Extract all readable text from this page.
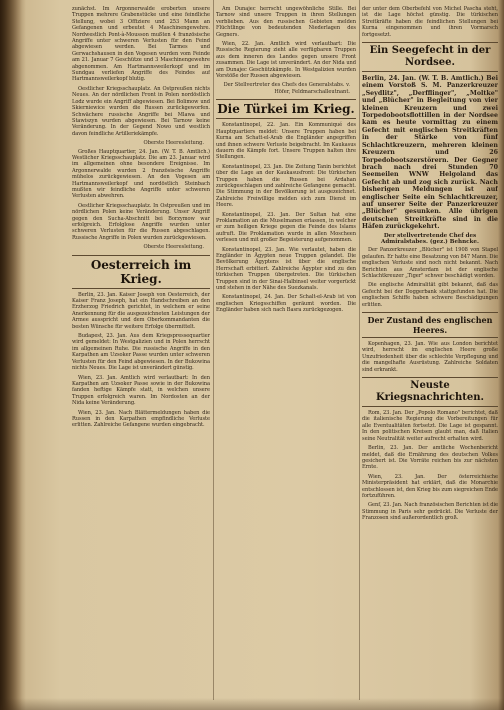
zunächst. Im Argonnerwalde eroberten unsere Truppen mehrere Grabenstücke und eine feindliche Stellung, wobei 3 Offiziere und 253 Mann an Gefangenen und erbeutet 4 Maschinengewehre. Nordwestlich Pont-à-Mousson mußten 4 französische Angriffe unter schweren Verlusten für den Feind abgewiesen werden. Bei Tarmes und Gerwachshausen in den Vogesen wurden vom Feinde am 21. Januar 7 Geschütze und 3 Maschinengewehre abgenommen. Am Hartmannsweilerkopf und im Sundgau verliefen Angriffe des Feindes auf Hartmannsweilerkopf blutig.

Oestlicher Kriegsschauplatz. An Ostpreußen nichts Neues. An der nördlichen Front in Polen nordöstlich Lodz wurde ein Angriff abgewiesen. Bei Bolimow und Skierniewice wurden die Russen zurückgeworfen. Schwächere russische Angriffe bei Mlawa und Stawiszyn wurden abgewiesen. Bei Tarnow keine Veränderung. In der Gegend Nowo und westlich davon feindliche Artilleriekämpfe.

Oberste Heeresleitung.

Großes Hauptquartier, 24. Jan. (W. T. B. Amtlich.) Westlicher Kriegsschauplatz. Die am 23. Januar wird im allgemeinen ohne besondere Ereignisse. Im Argonnerwalde wurden 2 französische Angriffe mühelos zurückgewiesen. An den Vogesen am Hartmannsweilerkopf und nordöstlich Steinbach mußten wir feindliche Angriffe unter schweren Verlusten abwehren.

Oestlicher Kriegsschauplatz. In Ostpreußen und im nördlichen Polen keine Veränderung. Unser Angriff gegen den Sucha-Abschnitt bei Borzymow war erfolgreich. Erfolglose Angriffe wurden unter schweren Verlusten für die Russen abgeschlagen. Russische Angriffe in Polen wurden zurückgewiesen.

Oberste Heeresleitung.

Oesterreich im Krieg.

Berlin, 23. Jan. Kaiser Joseph von Oesterreich, der Kaiser Franz Joseph, hat ein Handschreiben an den Erzherzog Friedrich gerichtet, in welchem er seine Anerkennung für die ausgezeichneten Leistungen der Armee ausspricht und dem Oberkommandanten die besten Wünsche für weitere Erfolge übermittelt.

Budapest, 23. Jan. Aus dem Kriegspressequartier wird gemeldet: In Westgalizien und in Polen herrscht im allgemeinen Ruhe. Die russische Angriffe in den Karpathen am Uzsoker Passe wurden unter schweren Verlusten für den Feind abgewiesen. In der Bukowina nichts Neues. Die Lage ist unverändert günstig.

Wien, 23. Jan. Amtlich wird verlautbart: In den Karpathen am Uzsoker Passe sowie in der Bukowina fanden heftige Kämpfe statt, in welchen unsere Truppen erfolgreich waren. Im Nordosten an der Nida keine Veränderung.

Wien, 23. Jan. Nach Blättermeldungen haben die Russen in den Karpathen empfindliche Verluste erlitten. Zahlreiche Gefangene wurden eingebracht.

Am Dunajec herrscht ungewöhnliche Stille. Bei Tarnow sind unsere Truppen in ihren Stellungen verblieben. Aus den russischen Gebieten melden Flüchtlinge von bedeutenden Niederlagen des Gegners.

Wien, 22. Jan. Amtlich wird verlautbart: Die Russische Regierung zieht alle verfügbaren Truppen aus dem inneren des Landes gegen unsere Front zusammen. Die Lage ist unverändert. An der Nida und am Dunajec Geschützkämpfe. In Westgalizien wurden Vorstöße der Russen abgewiesen.

Der Stellvertreter des Chefs des Generalstabs. v. Höfer, Feldmarschalleutnant.

Die Türkei im Krieg.

Konstantinopel, 22. Jan. Ein Kommuniqué des Hauptquartiers meldet: Unsere Truppen haben bei Kurna am Schatt-el-Arab die Engländer angegriffen und ihnen schwere Verluste beigebracht. Im Kaukasus dauern die Kämpfe fort. Unsere Truppen halten ihre Stellungen.

Konstantinopel, 23. Jan. Die Zeitung Tanin berichtet über die Lage an der Kaukasusfront: Die türkischen Truppen haben die Russen bei Ardahan zurückgeschlagen und zahlreiche Gefangene gemacht. Die Stimmung in der Bevölkerung ist ausgezeichnet. Zahlreiche Freiwillige melden sich zum Dienst im Heere.

Konstantinopel, 23. Jan. Der Sultan hat eine Proklamation an die Muselmanen erlassen, in welcher er zum heiligen Kriege gegen die Feinde des Islams aufruft. Die Proklamation wurde in allen Moscheen verlesen und mit großer Begeisterung aufgenommen.

Konstantinopel, 23. Jan. Wie verlautet, haben die Engländer in Ägypten neue Truppen gelandet. Die Bevölkerung Ägyptens ist über die englische Herrschaft erbittert. Zahlreiche Ägypter sind zu den türkischen Truppen übergetreten. Die türkischen Truppen sind in der Sinai-Halbinsel weiter vorgerückt und stehen in der Nähe des Suezkanals.

Konstantinopel, 24. Jan. Der Schalt-el-Arab ist von englischen Kriegsschiffen geräumt worden. Die Engländer haben sich nach Basra zurückgezogen.

der unter dem Oberbefehl von Michel Pascha steht, ist die Lage höchst günstig. Die türkischen Streitkräfte haben die feindlichen Stellungen bei Kurna eingenommen und ihren Vormarsch fortgesetzt.

Ein Seegefecht in der Nordsee.

Berlin, 24. Jan. (W. T. B. Amtlich.) Bei einem Vorstoß S. M. Panzerkreuzer „Seydlitz", „Derfflinger", „Moltke" und „Blücher" in Begleitung von vier kleinen Kreuzern und zwei Torpedobootsflottillen in der Nordsee kam es heute vormittag zu einem Gefecht mit englischen Streitkräften in der Stärke von fünf Schlachtkreuzern, mehreren kleinen Kreuzern und 26 Torpedobootszerstörern. Der Gegner brach nach drei Stunden 70 Seemeilen WNW Helgoland das Gefecht ab und zog sich zurück. Nach bisherigen Meldungen ist auf englischer Seite ein Schlachtkreuzer, auf unserer Seite der Panzerkreuzer „Blücher" gesunken. Alle übrigen deutschen Streitkräfte sind in die Häfen zurückgekehrt.

Der stellvertretende Chef des Admiralstabes. (gez.) Behncke.

Der Panzerkreuzer „Blücher" ist 1908 von Stapel gelaufen. Er hatte eine Besatzung von 847 Mann. Die englischen Verluste sind noch nicht bekannt. Nach Berichten aus Amsterdam ist der englische Schlachtkreuzer „Tiger" schwer beschädigt worden.

Die englische Admiralität gibt bekannt, daß das Gefecht bei der Doggerbank stattgefunden hat. Die englischen Schiffe haben schwere Beschädigungen erlitten.

Der Zustand des englischen Heeres.

Kopenhagen, 23. Jan. Wie aus London berichtet wird, herrscht im englischen Heere große Unzufriedenheit über die schlechte Verpflegung und die mangelhafte Ausrüstung. Zahlreiche Soldaten sind erkrankt.

Neuste Kriegsnachrichten.

Rom, 23. Jan. Der „Popolo Romano" berichtet, daß die italienische Regierung die Vorbereitungen für alle Eventualitäten fortsetzt. Die Lage ist gespannt. In den politischen Kreisen glaubt man, daß Italien seine Neutralität weiter aufrecht erhalten wird.

Berlin, 23. Jan. Der amtliche Wochenbericht meldet, daß die Ernährung des deutschen Volkes gesichert ist. Die Vorräte reichen bis zur nächsten Ernte.

Wien, 23. Jan. Der österreichische Ministerpräsident hat erklärt, daß die Monarchie entschlossen ist, den Krieg bis zum siegreichen Ende fortzuführen.

Genf, 23. Jan. Nach französischen Berichten ist die Stimmung in Paris sehr gedrückt. Die Verluste der Franzosen sind außerordentlich groß.
